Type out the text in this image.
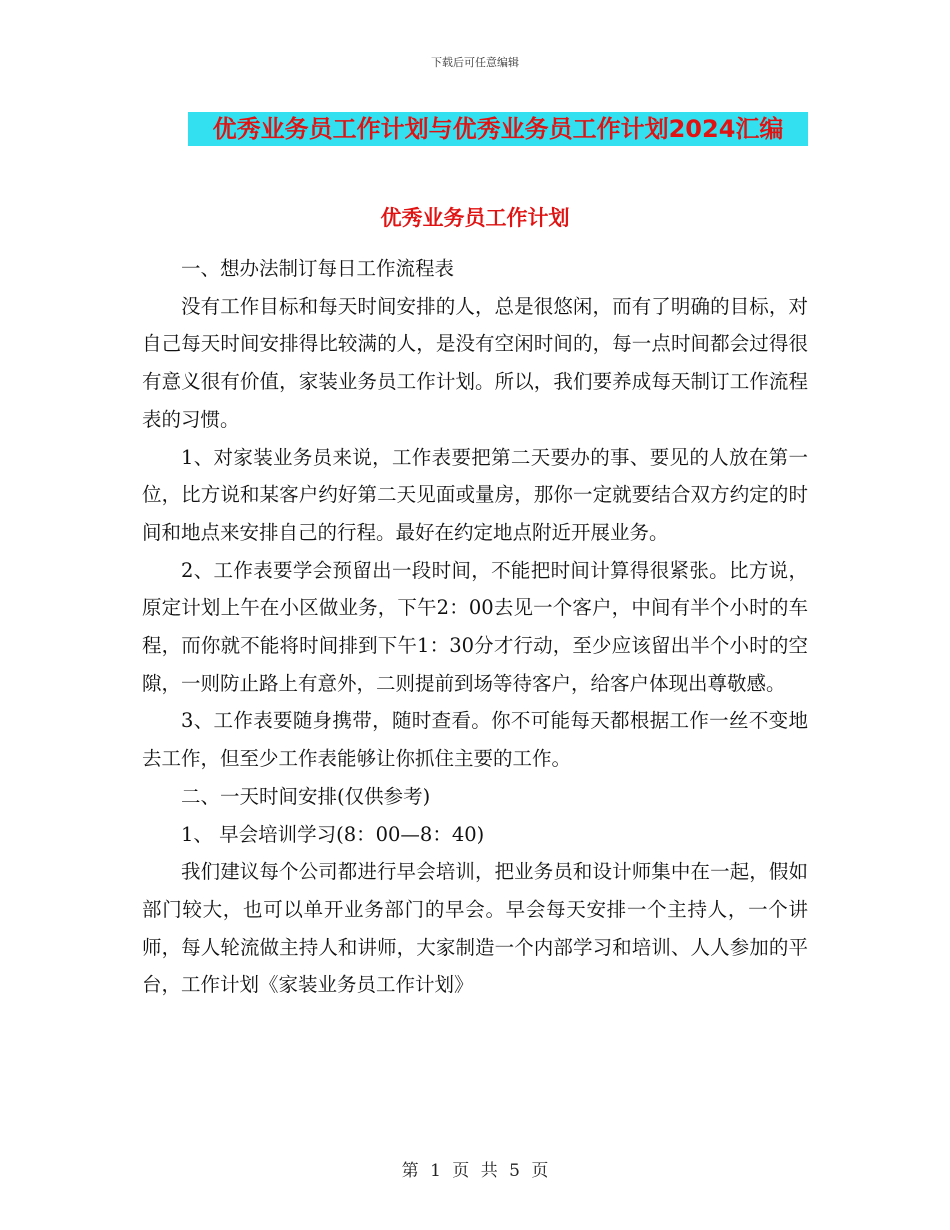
下载后可任意编辑
优秀业务员工作计划与优秀业务员工作计划2024汇编
优秀业务员工作计划

一、想办法制订每日工作流程表

没有工作目标和每天时间安排的人，总是很悠闲，而有了明确的目标，对自己每天时间安排得比较满的人，是没有空闲时间的，每一点时间都会过得很有意义很有价值，家装业务员工作计划。所以，我们要养成每天制订工作流程表的习惯。

1、对家装业务员来说，工作表要把第二天要办的事、要见的人放在第一位，比方说和某客户约好第二天见面或量房，那你一定就要结合双方约定的时间和地点来安排自己的行程。最好在约定地点附近开展业务。

2、工作表要学会预留出一段时间，不能把时间计算得很紧张。比方说，原定计划上午在小区做业务，下午2：00去见一个客户，中间有半个小时的车程，而你就不能将时间排到下午1：30分才行动，至少应该留出半个小时的空隙，一则防止路上有意外，二则提前到场等待客户，给客户体现出尊敬感。

3、工作表要随身携带，随时查看。你不可能每天都根据工作一丝不变地去工作，但至少工作表能够让你抓住主要的工作。

二、一天时间安排(仅供参考)

1、 早会培训学习(8：00—8：40)

我们建议每个公司都进行早会培训，把业务员和设计师集中在一起，假如部门较大，也可以单开业务部门的早会。早会每天安排一个主持人，一个讲师，每人轮流做主持人和讲师，大家制造一个内部学习和培训、人人参加的平台，工作计划《家装业务员工作计划》

第 1 页 共 5 页
